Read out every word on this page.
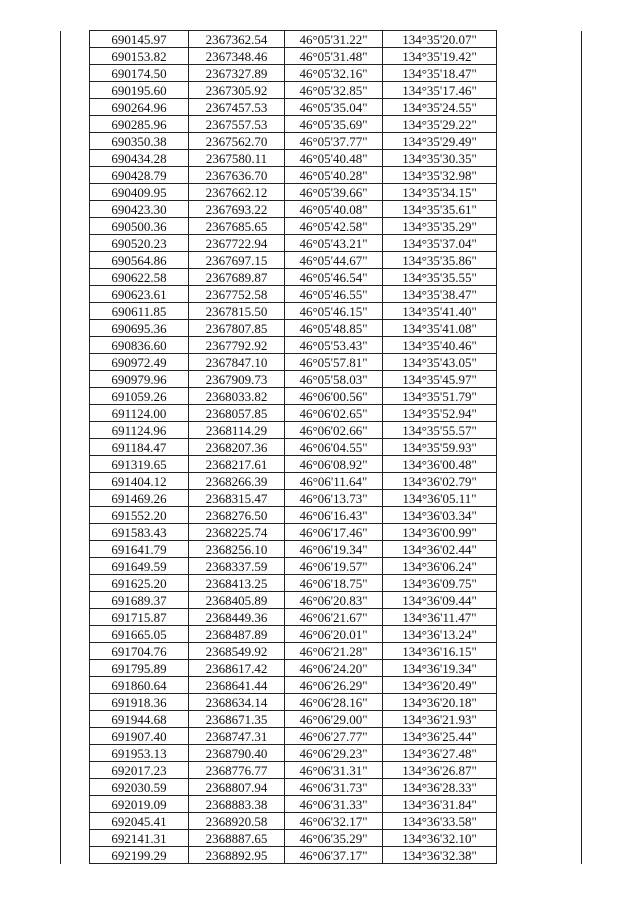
	690145.97	2367362.54	46°05'31.22"	134°35'20.07"	
	690153.82	2367348.46	46°05'31.48"	134°35'19.42"	
	690174.50	2367327.89	46°05'32.16"	134°35'18.47"	
	690195.60	2367305.92	46°05'32.85"	134°35'17.46"	
	690264.96	2367457.53	46°05'35.04"	134°35'24.55"	
	690285.96	2367557.53	46°05'35.69"	134°35'29.22"	
	690350.38	2367562.70	46°05'37.77"	134°35'29.49"	
	690434.28	2367580.11	46°05'40.48"	134°35'30.35"	
	690428.79	2367636.70	46°05'40.28"	134°35'32.98"	
	690409.95	2367662.12	46°05'39.66"	134°35'34.15"	
	690423.30	2367693.22	46°05'40.08"	134°35'35.61"	
	690500.36	2367685.65	46°05'42.58"	134°35'35.29"	
	690520.23	2367722.94	46°05'43.21"	134°35'37.04"	
	690564.86	2367697.15	46°05'44.67"	134°35'35.86"	
	690622.58	2367689.87	46°05'46.54"	134°35'35.55"	
	690623.61	2367752.58	46°05'46.55"	134°35'38.47"	
	690611.85	2367815.50	46°05'46.15"	134°35'41.40"	
	690695.36	2367807.85	46°05'48.85"	134°35'41.08"	
	690836.60	2367792.92	46°05'53.43"	134°35'40.46"	
	690972.49	2367847.10	46°05'57.81"	134°35'43.05"	
	690979.96	2367909.73	46°05'58.03"	134°35'45.97"	
	691059.26	2368033.82	46°06'00.56"	134°35'51.79"	
	691124.00	2368057.85	46°06'02.65"	134°35'52.94"	
	691124.96	2368114.29	46°06'02.66"	134°35'55.57"	
	691184.47	2368207.36	46°06'04.55"	134°35'59.93"	
	691319.65	2368217.61	46°06'08.92"	134°36'00.48"	
	691404.12	2368266.39	46°06'11.64"	134°36'02.79"	
	691469.26	2368315.47	46°06'13.73"	134°36'05.11"	
	691552.20	2368276.50	46°06'16.43"	134°36'03.34"	
	691583.43	2368225.74	46°06'17.46"	134°36'00.99"	
	691641.79	2368256.10	46°06'19.34"	134°36'02.44"	
	691649.59	2368337.59	46°06'19.57"	134°36'06.24"	
	691625.20	2368413.25	46°06'18.75"	134°36'09.75"	
	691689.37	2368405.89	46°06'20.83"	134°36'09.44"	
	691715.87	2368449.36	46°06'21.67"	134°36'11.47"	
	691665.05	2368487.89	46°06'20.01"	134°36'13.24"	
	691704.76	2368549.92	46°06'21.28"	134°36'16.15"	
	691795.89	2368617.42	46°06'24.20"	134°36'19.34"	
	691860.64	2368641.44	46°06'26.29"	134°36'20.49"	
	691918.36	2368634.14	46°06'28.16"	134°36'20.18"	
	691944.68	2368671.35	46°06'29.00"	134°36'21.93"	
	691907.40	2368747.31	46°06'27.77"	134°36'25.44"	
	691953.13	2368790.40	46°06'29.23"	134°36'27.48"	
	692017.23	2368776.77	46°06'31.31"	134°36'26.87"	
	692030.59	2368807.94	46°06'31.73"	134°36'28.33"	
	692019.09	2368883.38	46°06'31.33"	134°36'31.84"	
	692045.41	2368920.58	46°06'32.17"	134°36'33.58"	
	692141.31	2368887.65	46°06'35.29"	134°36'32.10"	
	692199.29	2368892.95	46°06'37.17"	134°36'32.38"	
